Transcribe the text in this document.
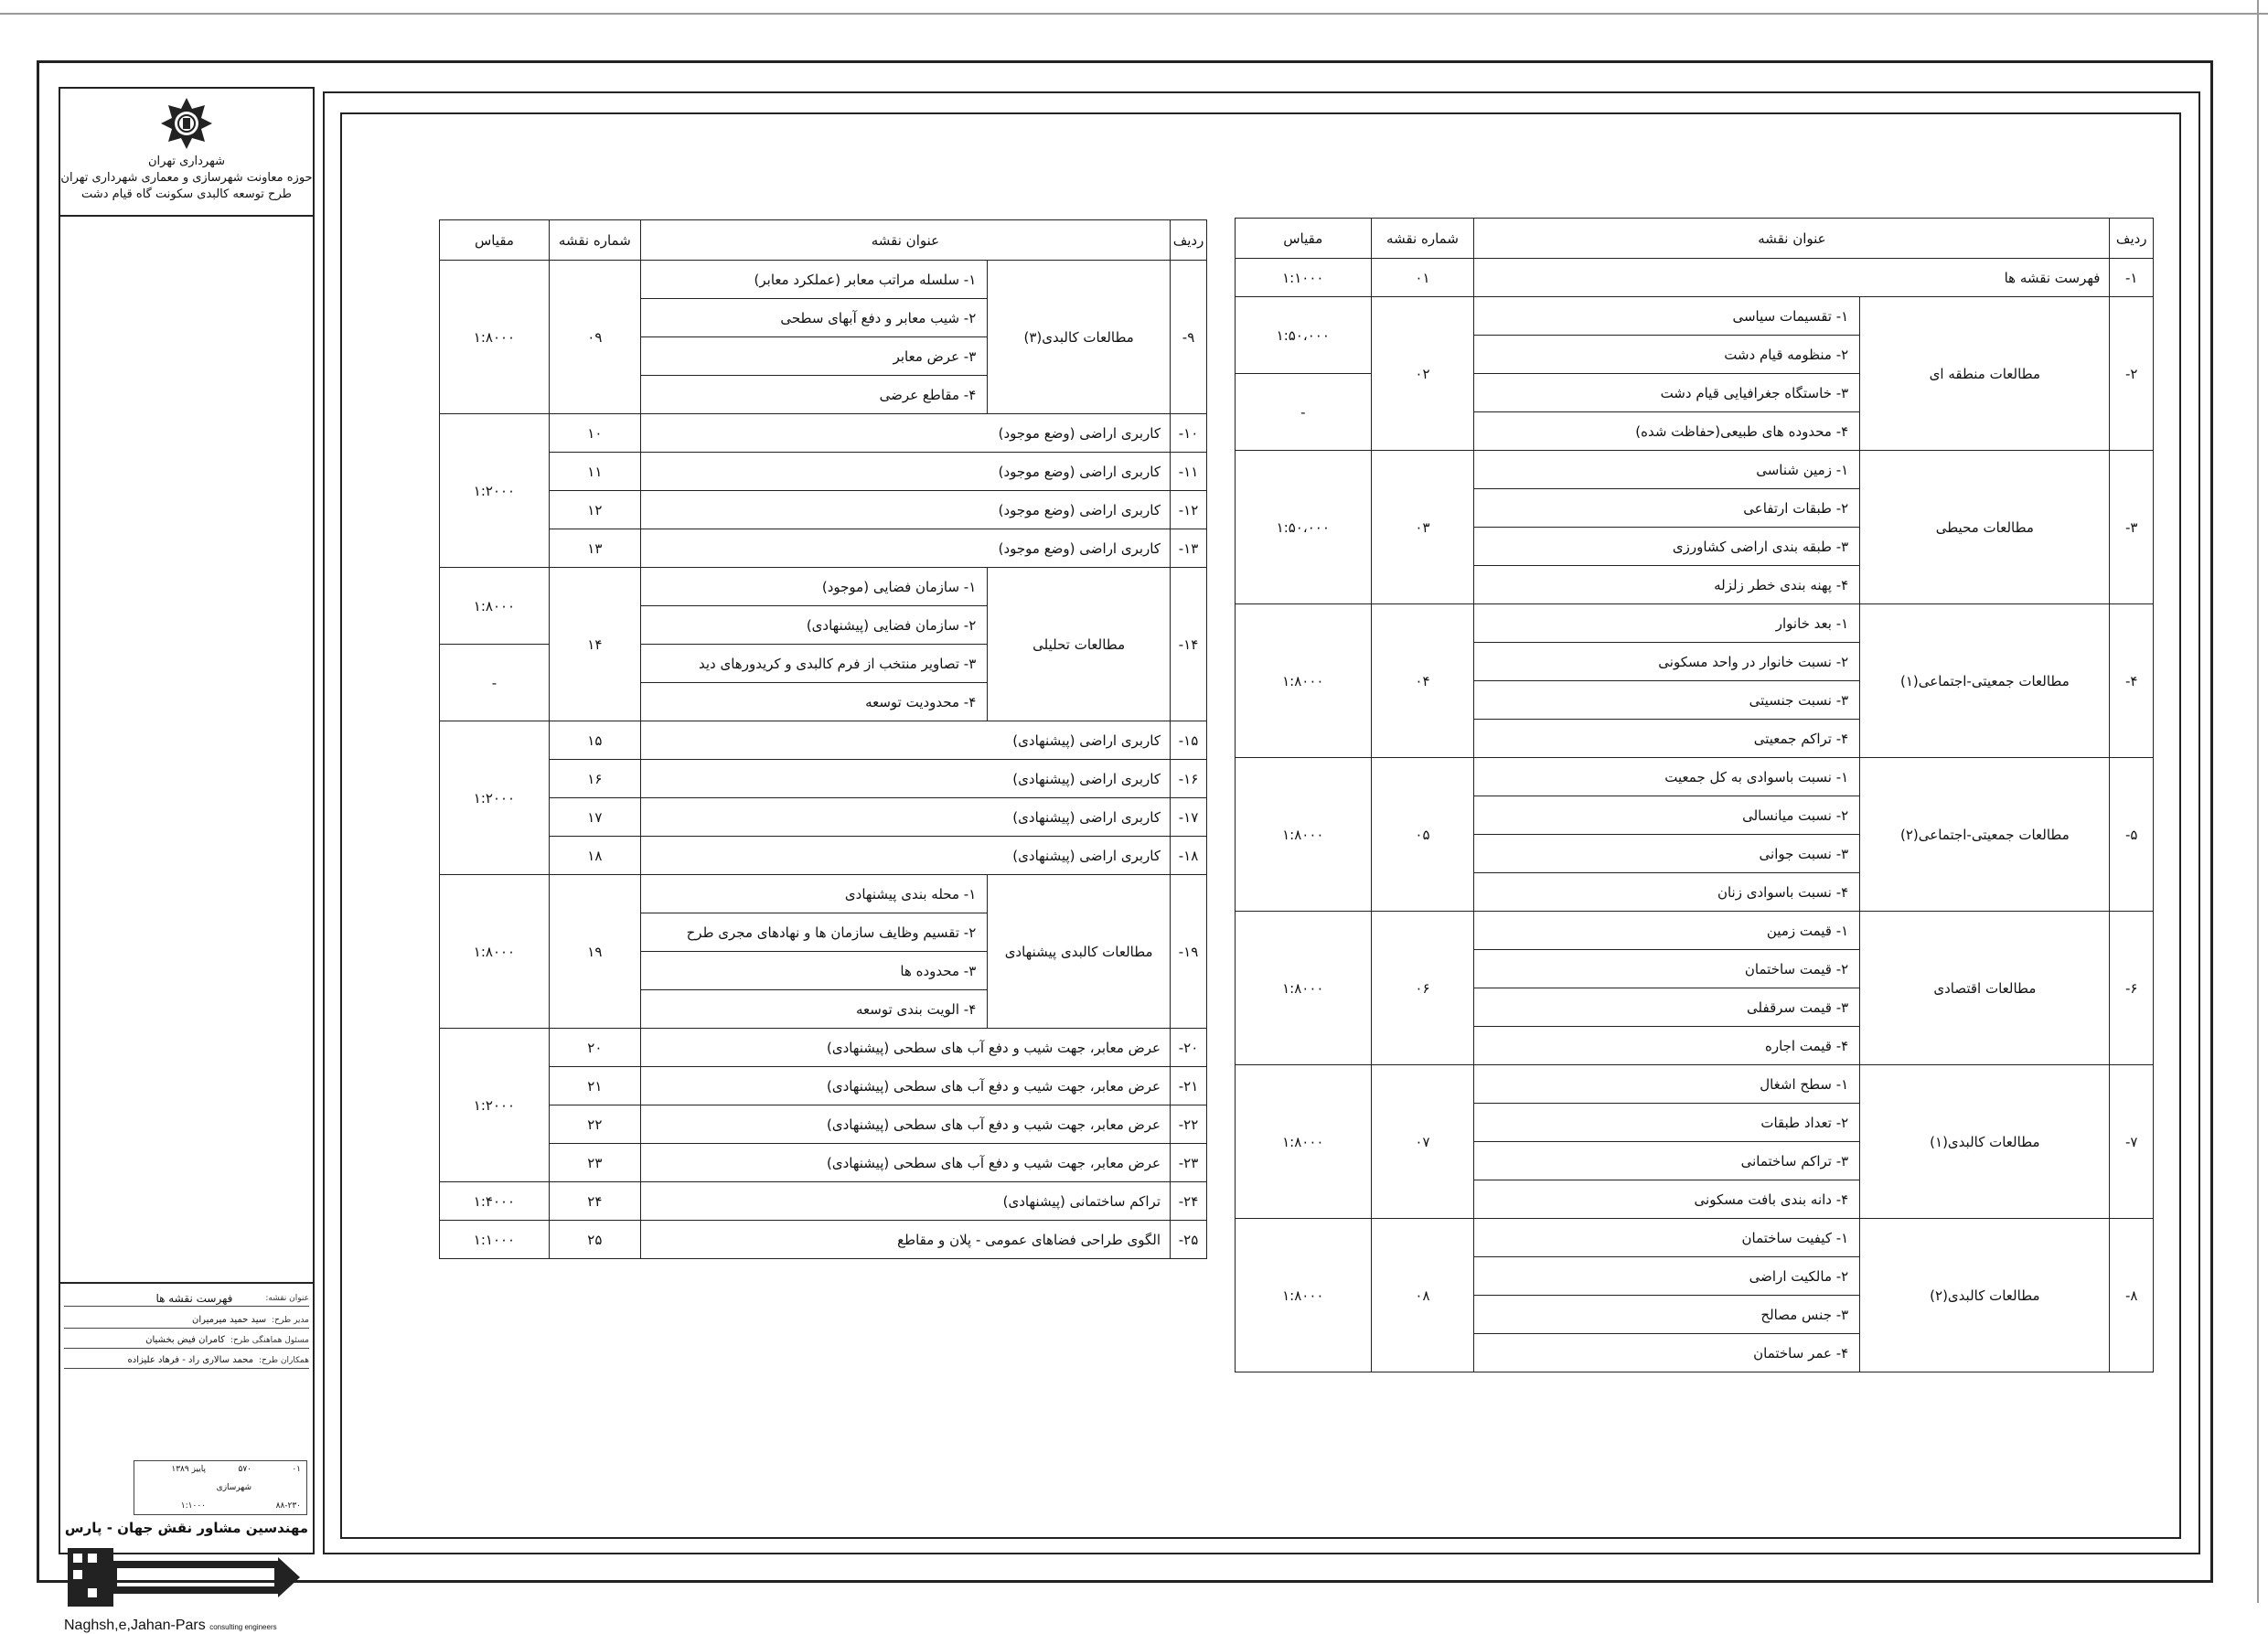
شهرداری تهران
حوزه معاونت شهرسازی و معماری شهرداری تهران
طرح توسعه کالبدی سکونت گاه قیام دشت
عنوان نقشه:
فهرست نقشه ها
مدیر طرح:
سید حمید میرمیران
مسئول هماهنگی طرح:
کامران فیض بخشیان
همکاران طرح:
محمد سالاری راد - فرهاد علیزاده
۰۱
۵۷۰
پاییز ۱۳۸۹
شهرسازی
۸۸-۲۳۰
۱:۱۰۰۰
مهندسین مشاور نقش جهان - پارس
Naghsh,e,Jahan-Pars consulting engineers
ردیف	عنوان نقشه		شماره نقشه	مقیاس
۱-	فهرست نقشه ها		۰۱	۱:۱۰۰۰
۲-	مطالعات منطقه ای	۱- تقسیمات سیاسی	۰۲	۱:۵۰،۰۰۰
		۲- منظومه قیام دشت		
		۳- خاستگاه جغرافیایی قیام دشت		-
		۴- محدوده های طبیعی(حفاظت شده)		
۳-	مطالعات محیطی	۱- زمین شناسی	۰۳	۱:۵۰،۰۰۰
		۲- طبقات ارتفاعی		
		۳- طبقه بندی اراضی کشاورزی		
		۴- پهنه بندی خطر زلزله		
۴-	مطالعات جمعیتی-اجتماعی(۱)	۱- بعد خانوار	۰۴	۱:۸۰۰۰
		۲- نسبت خانوار در واحد مسکونی		
		۳- نسبت جنسیتی		
		۴- تراکم جمعیتی		
۵-	مطالعات جمعیتی-اجتماعی(۲)	۱- نسبت باسوادی به کل جمعیت	۰۵	۱:۸۰۰۰
		۲- نسبت میانسالی		
		۳- نسبت جوانی		
		۴- نسبت باسوادی زنان		
۶-	مطالعات اقتصادی	۱- قیمت زمین	۰۶	۱:۸۰۰۰
		۲- قیمت ساختمان		
		۳- قیمت سرقفلی		
		۴- قیمت اجاره		
۷-	مطالعات کالبدی(۱)	۱- سطح اشغال	۰۷	۱:۸۰۰۰
		۲- تعداد طبقات		
		۳- تراکم ساختمانی		
		۴- دانه بندی بافت مسکونی		
۸-	مطالعات کالبدی(۲)	۱- کیفیت ساختمان	۰۸	۱:۸۰۰۰
		۲- مالکیت اراضی		
		۳- جنس مصالح		
		۴- عمر ساختمان		
ردیف	عنوان نقشه		شماره نقشه	مقیاس
۹-	مطالعات کالبدی(۳)	۱- سلسله مراتب معابر (عملکرد معابر)	۰۹	۱:۸۰۰۰
		۲- شیب معابر و دفع آبهای سطحی		
		۳- عرض معابر		
		۴- مقاطع عرضی		
۱۰-	کاربری اراضی (وضع موجود)		۱۰	۱:۲۰۰۰
۱۱-	کاربری اراضی (وضع موجود)		۱۱	
۱۲-	کاربری اراضی (وضع موجود)		۱۲	
۱۳-	کاربری اراضی (وضع موجود)		۱۳	
۱۴-	مطالعات تحلیلی	۱- سازمان فضایی (موجود)	۱۴	۱:۸۰۰۰
		۲- سازمان فضایی (پیشنهادی)		
		۳- تصاویر منتخب از فرم کالبدی و کریدورهای دید		-
		۴- محدودیت توسعه		
۱۵-	کاربری اراضی (پیشنهادی)		۱۵	۱:۲۰۰۰
۱۶-	کاربری اراضی (پیشنهادی)		۱۶	
۱۷-	کاربری اراضی (پیشنهادی)		۱۷	
۱۸-	کاربری اراضی (پیشنهادی)		۱۸	
۱۹-	مطالعات کالبدی پیشنهادی	۱- محله بندی پیشنهادی	۱۹	۱:۸۰۰۰
		۲- تقسیم وظایف سازمان ها و نهادهای مجری طرح		
		۳- محدوده ها		
		۴- الویت بندی توسعه		
۲۰-	عرض معابر، جهت شیب و دفع آب های سطحی (پیشنهادی)		۲۰	۱:۲۰۰۰
۲۱-	عرض معابر، جهت شیب و دفع آب های سطحی (پیشنهادی)		۲۱	
۲۲-	عرض معابر، جهت شیب و دفع آب های سطحی (پیشنهادی)		۲۲	
۲۳-	عرض معابر، جهت شیب و دفع آب های سطحی (پیشنهادی)		۲۳	
۲۴-	تراکم ساختمانی (پیشنهادی)		۲۴	۱:۴۰۰۰
۲۵-	الگوی طراحی فضاهای عمومی - پلان و مقاطع		۲۵	۱:۱۰۰۰
